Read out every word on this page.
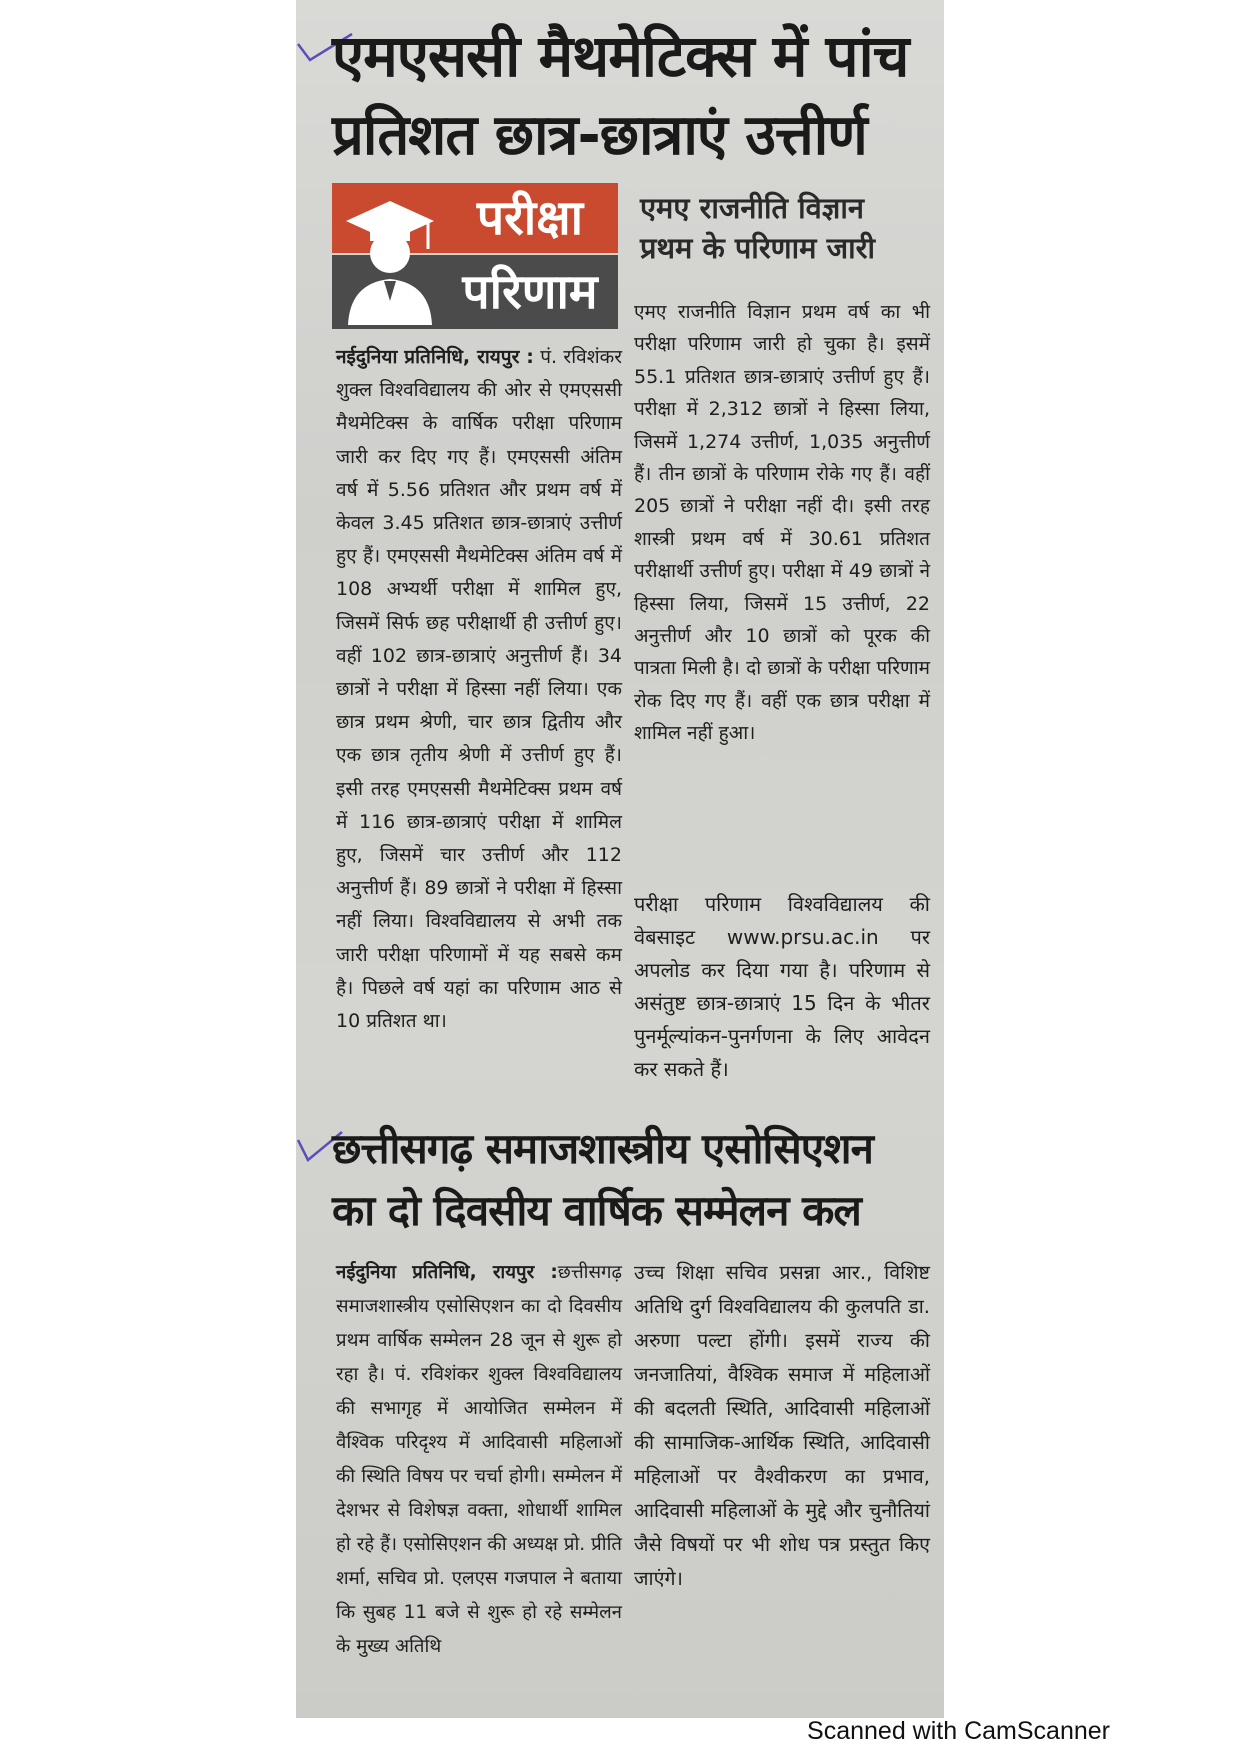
एमएससी मैथमेटिक्स में पांच
प्रतिशत छात्र-छात्राएं उत्तीर्ण
परीक्षा
परिणाम
एमए राजनीति विज्ञान प्रथम के परिणाम जारी

नईदुनिया प्रतिनिधि, रायपुर : पं. रविशंकर शुक्ल विश्वविद्यालय की ओर से एमएससी मैथमेटिक्स के वार्षिक परीक्षा परिणाम जारी कर दिए गए हैं। एमएससी अंतिम वर्ष में 5.56 प्रतिशत और प्रथम वर्ष में केवल 3.45 प्रतिशत छात्र-छात्राएं उत्तीर्ण हुए हैं। एमएससी मैथमेटिक्स अंतिम वर्ष में 108 अभ्यर्थी परीक्षा में शामिल हुए, जिसमें सिर्फ छह परीक्षार्थी ही उत्तीर्ण हुए। वहीं 102 छात्र-छात्राएं अनुत्तीर्ण हैं। 34 छात्रों ने परीक्षा में हिस्सा नहीं लिया। एक छात्र प्रथम श्रेणी, चार छात्र द्वितीय और एक छात्र तृतीय श्रेणी में उत्तीर्ण हुए हैं। इसी तरह एमएससी मैथमेटिक्स प्रथम वर्ष में 116 छात्र-छात्राएं परीक्षा में शामिल हुए, जिसमें चार उत्तीर्ण और 112 अनुत्तीर्ण हैं। 89 छात्रों ने परीक्षा में हिस्सा नहीं लिया। विश्वविद्यालय से अभी तक जारी परीक्षा परिणामों में यह सबसे कम है। पिछले वर्ष यहां का परिणाम आठ से 10 प्रतिशत था।

एमए राजनीति विज्ञान प्रथम वर्ष का भी परीक्षा परिणाम जारी हो चुका है। इसमें 55.1 प्रतिशत छात्र-छात्राएं उत्तीर्ण हुए हैं। परीक्षा में 2,312 छात्रों ने हिस्सा लिया, जिसमें 1,274 उत्तीर्ण, 1,035 अनुत्तीर्ण हैं। तीन छात्रों के परिणाम रोके गए हैं। वहीं 205 छात्रों ने परीक्षा नहीं दी। इसी तरह शास्त्री प्रथम वर्ष में 30.61 प्रतिशत परीक्षार्थी उत्तीर्ण हुए। परीक्षा में 49 छात्रों ने हिस्सा लिया, जिसमें 15 उत्तीर्ण, 22 अनुत्तीर्ण और 10 छात्रों को पूरक की पात्रता मिली है। दो छात्रों के परीक्षा परिणाम रोक दिए गए हैं। वहीं एक छात्र परीक्षा में शामिल नहीं हुआ।

परीक्षा परिणाम विश्वविद्यालय की वेबसाइट www.prsu.ac.in पर अपलोड कर दिया गया है। परिणाम से असंतुष्ट छात्र-छात्राएं 15 दिन के भीतर पुनर्मूल्यांकन-पुनर्गणना के लिए आवेदन कर सकते हैं।

छत्तीसगढ़ समाजशास्त्रीय एसोसिएशन
का दो दिवसीय वार्षिक सम्मेलन कल

नईदुनिया प्रतिनिधि, रायपुर :छत्तीसगढ़ समाजशास्त्रीय एसोसिएशन का दो दिवसीय प्रथम वार्षिक सम्मेलन 28 जून से शुरू हो रहा है। पं. रविशंकर शुक्ल विश्वविद्यालय की सभागृह में आयोजित सम्मेलन में वैश्विक परिदृश्य में आदिवासी महिलाओं की स्थिति विषय पर चर्चा होगी। सम्मेलन में देशभर से विशेषज्ञ वक्ता, शोधार्थी शामिल हो रहे हैं। एसोसिएशन की अध्यक्ष प्रो. प्रीति शर्मा, सचिव प्रो. एलएस गजपाल ने बताया कि सुबह 11 बजे से शुरू हो रहे सम्मेलन के मुख्य अतिथि

उच्च शिक्षा सचिव प्रसन्ना आर., विशिष्ट अतिथि दुर्ग विश्वविद्यालय की कुलपति डा. अरुणा पल्टा होंगी। इसमें राज्य की जनजातियां, वैश्विक समाज में महिलाओं की बदलती स्थिति, आदिवासी महिलाओं की सामाजिक-आर्थिक स्थिति, आदिवासी महिलाओं पर वैश्वीकरण का प्रभाव, आदिवासी महिलाओं के मुद्दे और चुनौतियां जैसे विषयों पर भी शोध पत्र प्रस्तुत किए जाएंगे।

Scanned with CamScanner
